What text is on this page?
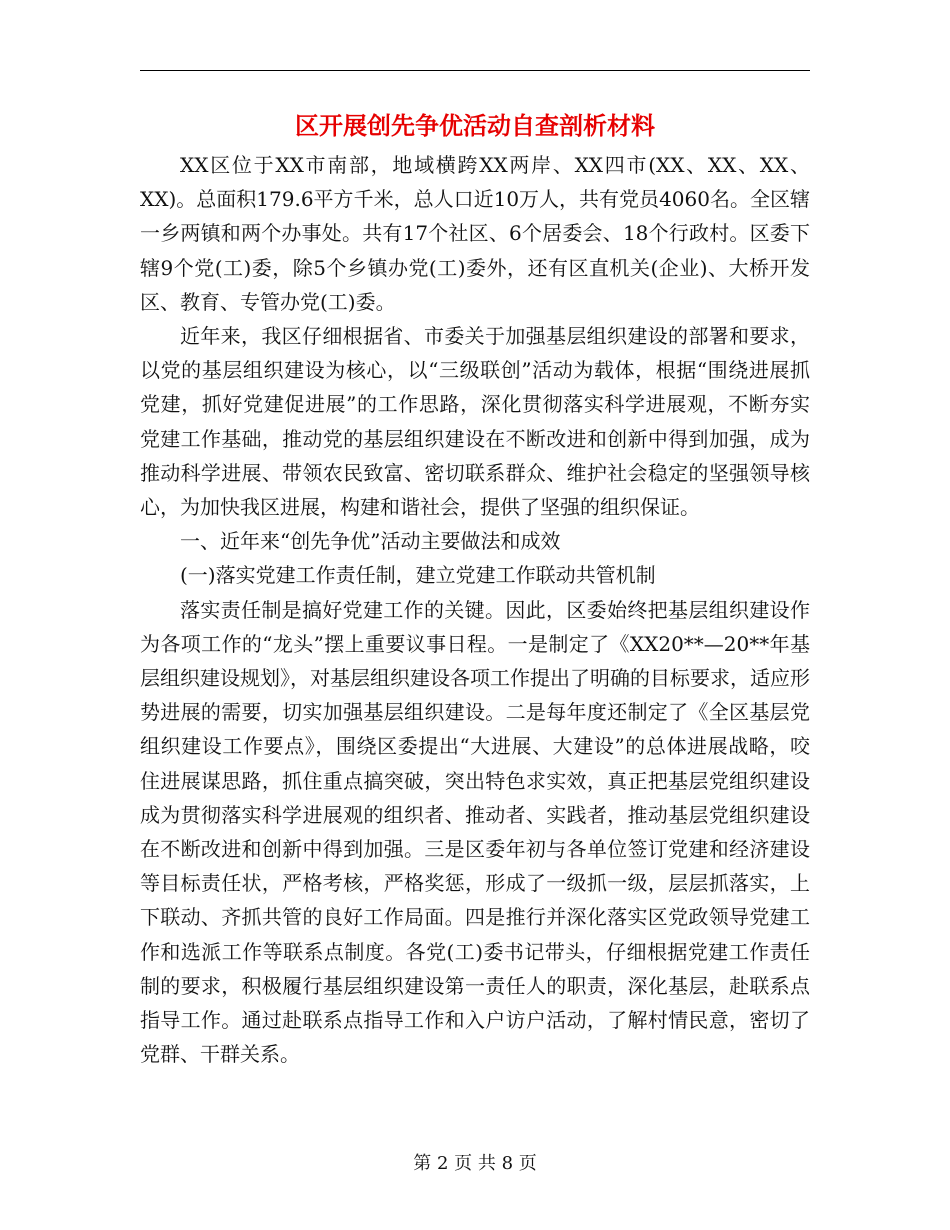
区开展创先争优活动自查剖析材料

XX区位于XX市南部，地域横跨XX两岸、XX四市(XX、XX、XX、XX)。总面积179.6平方千米，总人口近10万人，共有党员4060名。全区辖一乡两镇和两个办事处。共有17个社区、6个居委会、18个行政村。区委下辖9个党(工)委，除5个乡镇办党(工)委外，还有区直机关(企业)、大桥开发区、教育、专管办党(工)委。

近年来，我区仔细根据省、市委关于加强基层组织建设的部署和要求，以党的基层组织建设为核心，以“三级联创”活动为载体，根据“围绕进展抓党建，抓好党建促进展”的工作思路，深化贯彻落实科学进展观，不断夯实党建工作基础，推动党的基层组织建设在不断改进和创新中得到加强，成为推动科学进展、带领农民致富、密切联系群众、维护社会稳定的坚强领导核心，为加快我区进展，构建和谐社会，提供了坚强的组织保证。

一、近年来“创先争优”活动主要做法和成效

(一)落实党建工作责任制，建立党建工作联动共管机制

落实责任制是搞好党建工作的关键。因此，区委始终把基层组织建设作为各项工作的“龙头”摆上重要议事日程。一是制定了《XX20**—20**年基层组织建设规划》，对基层组织建设各项工作提出了明确的目标要求，适应形势进展的需要，切实加强基层组织建设。二是每年度还制定了《全区基层党组织建设工作要点》，围绕区委提出“大进展、大建设”的总体进展战略，咬住进展谋思路，抓住重点搞突破，突出特色求实效，真正把基层党组织建设成为贯彻落实科学进展观的组织者、推动者、实践者，推动基层党组织建设在不断改进和创新中得到加强。三是区委年初与各单位签订党建和经济建设等目标责任状，严格考核，严格奖惩，形成了一级抓一级，层层抓落实，上下联动、齐抓共管的良好工作局面。四是推行并深化落实区党政领导党建工作和选派工作等联系点制度。各党(工)委书记带头，仔细根据党建工作责任制的要求，积极履行基层组织建设第一责任人的职责，深化基层，赴联系点指导工作。通过赴联系点指导工作和入户访户活动，了解村情民意，密切了党群、干群关系。

第 2 页 共 8 页
